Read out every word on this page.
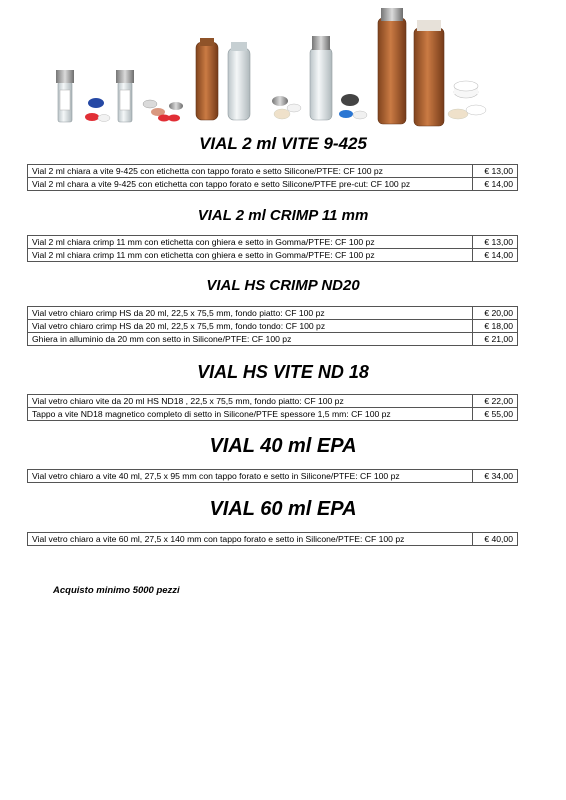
VIAL 2 ml VITE 9-425
Vial 2 ml chiara a vite 9-425 con etichetta con tappo forato e setto Silicone/PTFE: CF 100 pz	€ 13,00
Vial 2 ml chara a vite 9-425 con etichetta con tappo forato e setto Silicone/PTFE pre-cut: CF 100 pz	€ 14,00
VIAL 2 ml CRIMP 11 mm
Vial 2 ml chiara crimp 11 mm con etichetta con ghiera e setto in Gomma/PTFE: CF 100 pz	€ 13,00
Vial 2 ml chiara crimp 11 mm con etichetta con ghiera e setto in Gomma/PTFE: CF 100 pz	€ 14,00
VIAL HS CRIMP ND20
Vial vetro chiaro crimp HS da 20 ml, 22,5 x 75,5 mm, fondo piatto: CF 100 pz	€ 20,00
Vial vetro chiaro crimp HS da 20 ml, 22,5 x 75,5 mm, fondo tondo: CF 100 pz	€ 18,00
Ghiera in alluminio da 20 mm con setto in Silicone/PTFE: CF 100 pz	€ 21,00
VIAL HS VITE ND 18
Vial vetro chiaro vite da 20 ml HS ND18 , 22,5 x 75,5 mm, fondo piatto: CF 100 pz	€ 22,00
Tappo a vite ND18 magnetico completo di setto in Silicone/PTFE spessore 1,5 mm: CF 100 pz	€ 55,00
VIAL 40 ml EPA
Vial vetro chiaro a vite 40 ml, 27,5 x 95 mm con tappo forato e setto in Silicone/PTFE: CF 100 pz	€ 34,00
VIAL 60 ml EPA
Vial vetro chiaro a vite 60 ml, 27,5 x 140 mm con tappo forato e setto in Silicone/PTFE: CF 100 pz	€ 40,00
Acquisto minimo 5000 pezzi
